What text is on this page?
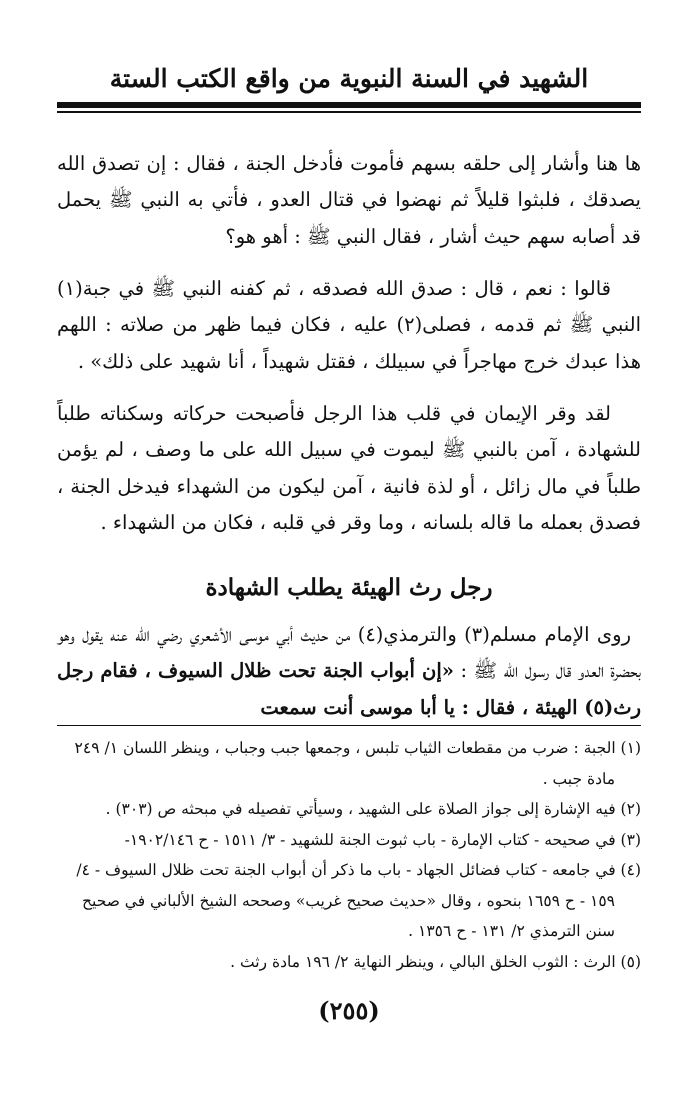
الشهيد في السنة النبوية من واقع الكتب الستة

ها هنا وأشار إلى حلقه بسهم فأموت فأدخل الجنة ، فقال : إن تصدق الله يصدقك ، فلبثوا قليلاً ثم نهضوا في قتال العدو ، فأتي به النبي ﷺ يحمل قد أصابه سهم حيث أشار ، فقال النبي ﷺ : أهو هو؟

قالوا : نعم ، قال : صدق الله فصدقه ، ثم كفنه النبي ﷺ في جبة(١) النبي ﷺ ثم قدمه ، فصلى(٢) عليه ، فكان فيما ظهر من صلاته : اللهم هذا عبدك خرج مهاجراً في سبيلك ، فقتل شهيداً ، أنا شهيد على ذلك» .

لقد وقر الإيمان في قلب هذا الرجل فأصبحت حركاته وسكناته طلباً للشهادة ، آمن بالنبي ﷺ ليموت في سبيل الله على ما وصف ، لم يؤمن طلباً في مال زائل ، أو لذة فانية ، آمن ليكون من الشهداء فيدخل الجنة ، فصدق بعمله ما قاله بلسانه ، وما وقر في قلبه ، فكان من الشهداء .

رجل رث الهيئة يطلب الشهادة

روى الإمام مسلم(٣) والترمذي(٤) من حديث أبي موسى الأشعري رضي الله عنه يقول وهو بحضرة العدو قال رسول الله ﷺ : «إن أبواب الجنة تحت ظلال السيوف ، فقام رجل رث(٥) الهيئة ، فقال : يا أبا موسى أنت سمعت

(١) الجبة : ضرب من مقطعات الثياب تلبس ، وجمعها جبب وجباب ، وينظر اللسان ١/ ٢٤٩

مادة جبب .

(٢) فيه الإشارة إلى جواز الصلاة على الشهيد ، وسيأتي تفصيله في مبحثه ص (٣٠٣) .

(٣) في صحيحه - كتاب الإمارة - باب ثبوت الجنة للشهيد - ٣/ ١٥١١ - ح ١٩٠٢/١٤٦-

(٤) في جامعه - كتاب فضائل الجهاد - باب ما ذكر أن أبواب الجنة تحت ظلال السيوف - ٤/

١٥٩ - ح ١٦٥٩ بنحوه ، وقال «حديث صحيح غريب» وصححه الشيخ الألباني في صحيح

سنن الترمذي ٢/ ١٣١ - ح ١٣٥٦ .

(٥) الرث : الثوب الخلق البالي ، وينظر النهاية ٢/ ١٩٦ مادة رثث .

(٢٥٥)
